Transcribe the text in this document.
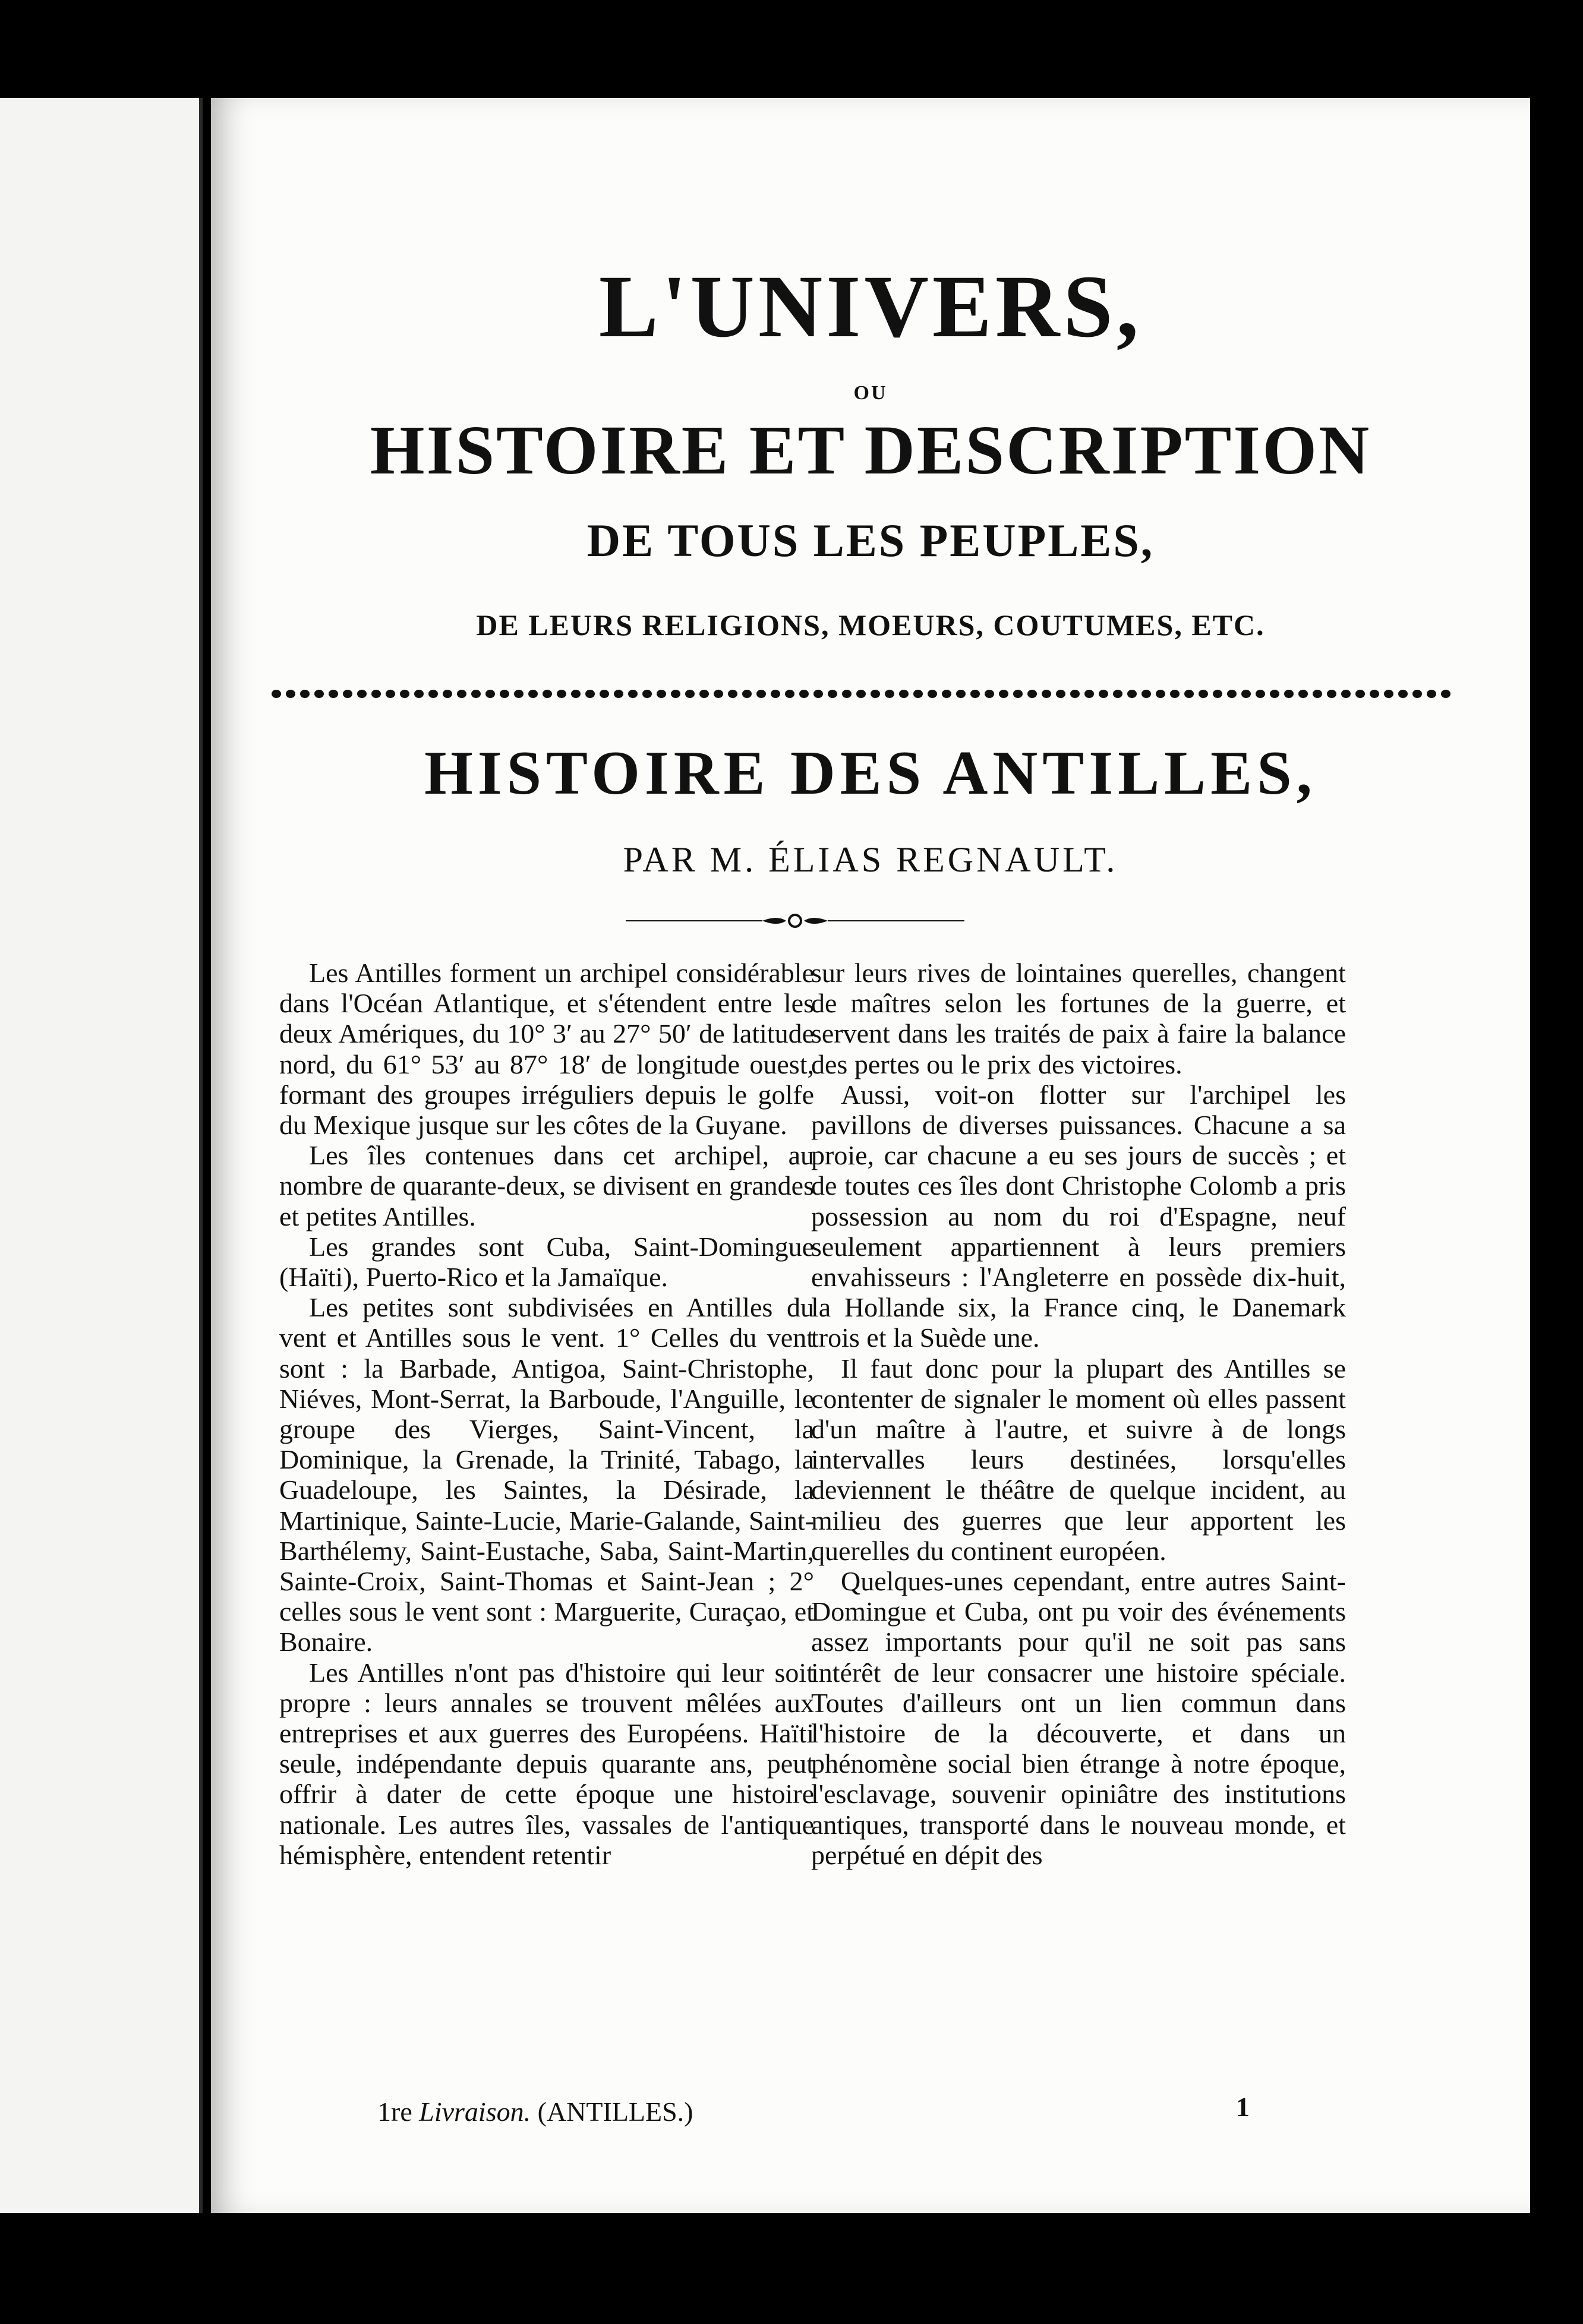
L'UNIVERS,
OU
HISTOIRE ET DESCRIPTION
DE TOUS LES PEUPLES,
DE LEURS RELIGIONS, MOEURS, COUTUMES, ETC.
HISTOIRE DES ANTILLES,
PAR M. ÉLIAS REGNAULT.

Les Antilles forment un archipel considérable dans l'Océan Atlantique, et s'étendent entre les deux Amériques, du 10° 3′ au 27° 50′ de latitude nord, du 61° 53′ au 87° 18′ de longitude ouest, formant des groupes irréguliers depuis le golfe du Mexique jusque sur les côtes de la Guyane.

Les îles contenues dans cet archipel, au nombre de quarante-deux, se divisent en grandes et petites Antilles.

Les grandes sont Cuba, Saint-Domingue (Haïti), Puerto-Rico et la Jamaïque.

Les petites sont subdivisées en Antilles du vent et Antilles sous le vent. 1° Celles du vent sont : la Barbade, Antigoa, Saint-Christophe, Niéves, Mont-Serrat, la Barboude, l'Anguille, le groupe des Vierges, Saint-Vincent, la Dominique, la Grenade, la Trinité, Tabago, la Guadeloupe, les Saintes, la Désirade, la Martinique, Sainte-Lucie, Marie-Galande, Saint-Barthélemy, Saint-Eustache, Saba, Saint-Martin, Sainte-Croix, Saint-Thomas et Saint-Jean ; 2° celles sous le vent sont : Marguerite, Curaçao, et Bonaire.

Les Antilles n'ont pas d'histoire qui leur soit propre : leurs annales se trouvent mêlées aux entreprises et aux guerres des Européens. Haïti seule, indépendante depuis quarante ans, peut offrir à dater de cette époque une histoire nationale. Les autres îles, vassales de l'antique hémisphère, entendent retentir

sur leurs rives de lointaines querelles, changent de maîtres selon les fortunes de la guerre, et servent dans les traités de paix à faire la balance des pertes ou le prix des victoires.

Aussi, voit-on flotter sur l'archipel les pavillons de diverses puissances. Chacune a sa proie, car chacune a eu ses jours de succès ; et de toutes ces îles dont Christophe Colomb a pris possession au nom du roi d'Espagne, neuf seulement appartiennent à leurs premiers envahisseurs : l'Angleterre en possède dix-huit, la Hollande six, la France cinq, le Danemark trois et la Suède une.

Il faut donc pour la plupart des Antilles se contenter de signaler le moment où elles passent d'un maître à l'autre, et suivre à de longs intervalles leurs destinées, lorsqu'elles deviennent le théâtre de quelque incident, au milieu des guerres que leur apportent les querelles du continent européen.

Quelques-unes cependant, entre autres Saint-Domingue et Cuba, ont pu voir des événements assez importants pour qu'il ne soit pas sans intérêt de leur consacrer une histoire spéciale. Toutes d'ailleurs ont un lien commun dans l'histoire de la découverte, et dans un phénomène social bien étrange à notre époque, l'esclavage, souvenir opiniâtre des institutions antiques, transporté dans le nouveau monde, et perpétué en dépit des

1re Livraison. (ANTILLES.)	1
